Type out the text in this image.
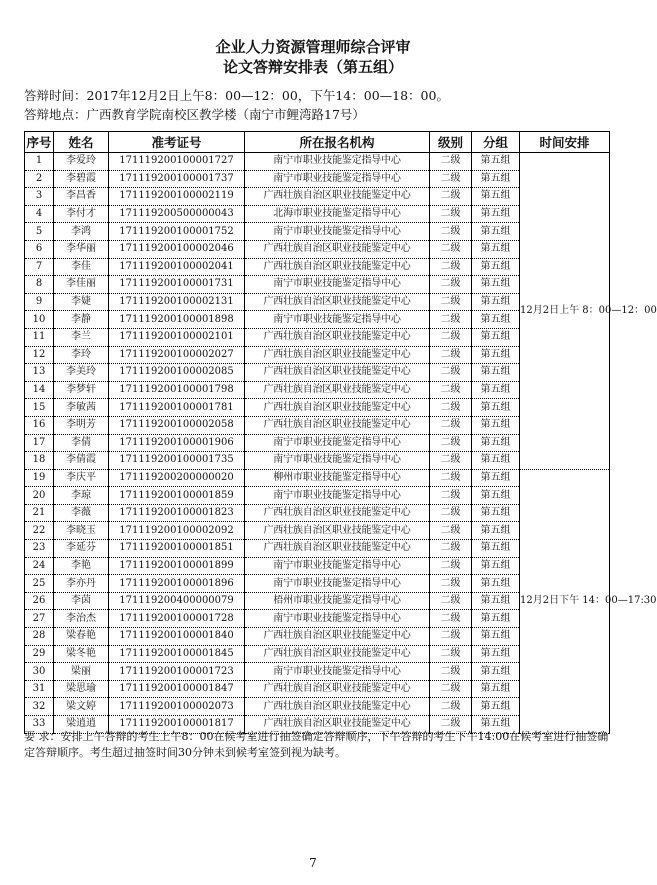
企业人力资源管理师综合评审
论文答辩安排表（第五组）
答辩时间：2017年12月2日上午8：00—12：00，下午14：00—18：00。
答辩地点：广西教育学院南校区教学楼（南宁市鲤湾路17号）
序号	姓名	准考证号	所在报名机构	级别	分组	时间安排
1	李爱玲	171119200100001727	南宁市职业技能鉴定指导中心	二级	第五组	12月2日上午 8：00—12：00
2	李碧霞	171119200100001737	南宁市职业技能鉴定指导中心	二级	第五组	
3	李昌香	171119200100002119	广西壮族自治区职业技能鉴定中心	二级	第五组	
4	李付才	171119200500000043	北海市职业技能鉴定指导中心	二级	第五组	
5	李鸿	171119200100001752	南宁市职业技能鉴定指导中心	二级	第五组	
6	李华丽	171119200100002046	广西壮族自治区职业技能鉴定中心	二级	第五组	
7	李佳	171119200100002041	广西壮族自治区职业技能鉴定中心	二级	第五组	
8	李佳丽	171119200100001731	南宁市职业技能鉴定指导中心	二级	第五组	
9	李婕	171119200100002131	广西壮族自治区职业技能鉴定中心	二级	第五组	
10	李静	171119200100001898	南宁市职业技能鉴定指导中心	二级	第五组	
11	李兰	171119200100002101	广西壮族自治区职业技能鉴定中心	二级	第五组	
12	李玲	171119200100002027	广西壮族自治区职业技能鉴定中心	二级	第五组	
13	李美玲	171119200100002085	广西壮族自治区职业技能鉴定中心	二级	第五组	
14	李梦轩	171119200100001798	广西壮族自治区职业技能鉴定中心	二级	第五组	
15	李敏茜	171119200100001781	广西壮族自治区职业技能鉴定中心	二级	第五组	
16	李明芳	171119200100002058	广西壮族自治区职业技能鉴定中心	二级	第五组	
17	李倩	171119200100001906	南宁市职业技能鉴定指导中心	二级	第五组	
18	李倩霞	171119200100001735	南宁市职业技能鉴定指导中心	二级	第五组	
19	李庆平	171119200200000020	柳州市职业技能鉴定指导中心	二级	第五组	12月2日下午 14：00—17:30
20	李琼	171119200100001859	南宁市职业技能鉴定指导中心	二级	第五组	
21	李薇	171119200100001823	广西壮族自治区职业技能鉴定中心	二级	第五组	
22	李晓玉	171119200100002092	广西壮族自治区职业技能鉴定中心	二级	第五组	
23	李延芬	171119200100001851	广西壮族自治区职业技能鉴定中心	二级	第五组	
24	李艳	171119200100001899	南宁市职业技能鉴定指导中心	二级	第五组	
25	李亦丹	171119200100001896	南宁市职业技能鉴定指导中心	二级	第五组	
26	李茵	171119200400000079	梧州市职业技能鉴定指导中心	二级	第五组	
27	李治杰	171119200100001728	南宁市职业技能鉴定指导中心	二级	第五组	
28	梁春艳	171119200100001840	广西壮族自治区职业技能鉴定中心	二级	第五组	
29	梁冬艳	171119200100001845	广西壮族自治区职业技能鉴定中心	二级	第五组	
30	梁丽	171119200100001723	南宁市职业技能鉴定指导中心	二级	第五组	
31	梁思瑜	171119200100001847	广西壮族自治区职业技能鉴定中心	二级	第五组	
32	梁文婷	171119200100002073	广西壮族自治区职业技能鉴定中心	二级	第五组	
33	梁逍逍	171119200100001817	广西壮族自治区职业技能鉴定中心	二级	第五组	
要 求：安排上午答辩的考生上午8：00在候考室进行抽签确定答辩顺序，下午答辩的考生下午14:00在候考室进行抽签确定答辩顺序。考生超过抽签时间30分钟未到候考室签到视为缺考。
7
